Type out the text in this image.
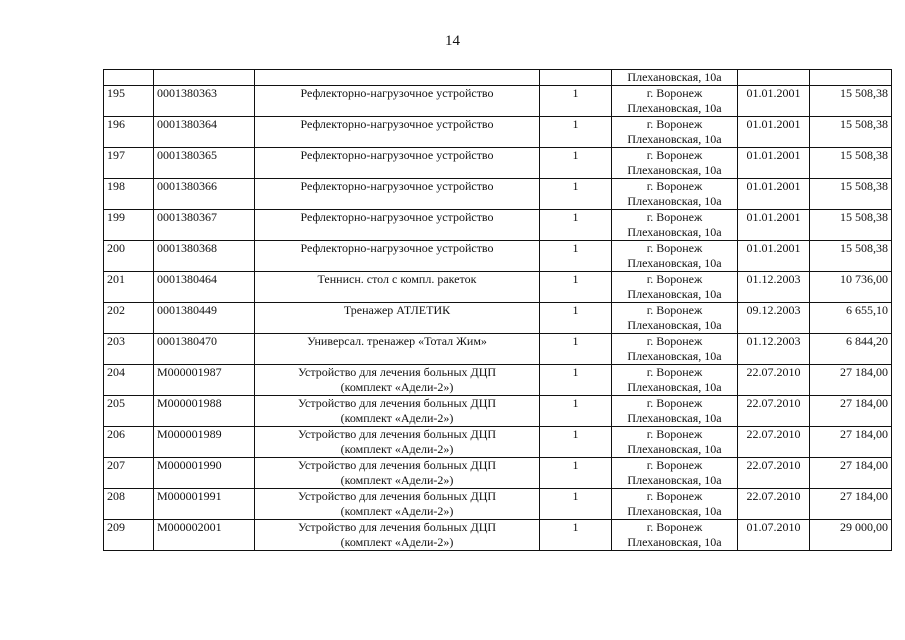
14
				Плехановская, 10а		

195	0001380363	Рефлекторно-нагрузочное устройство	1	г. Воронеж
Плехановская, 10а	01.01.2001	15 508,38

196	0001380364	Рефлекторно-нагрузочное устройство	1	г. Воронеж
Плехановская, 10а	01.01.2001	15 508,38

197	0001380365	Рефлекторно-нагрузочное устройство	1	г. Воронеж
Плехановская, 10а	01.01.2001	15 508,38

198	0001380366	Рефлекторно-нагрузочное устройство	1	г. Воронеж
Плехановская, 10а	01.01.2001	15 508,38

199	0001380367	Рефлекторно-нагрузочное устройство	1	г. Воронеж
Плехановская, 10а	01.01.2001	15 508,38

200	0001380368	Рефлекторно-нагрузочное устройство	1	г. Воронеж
Плехановская, 10а	01.01.2001	15 508,38

201	0001380464	Теннисн. стол с компл. ракеток	1	г. Воронеж
Плехановская, 10а	01.12.2003	10 736,00

202	0001380449	Тренажер АТЛЕТИК	1	г. Воронеж
Плехановская, 10а	09.12.2003	6 655,10

203	0001380470	Универсал. тренажер «Тотал Жим»	1	г. Воронеж
Плехановская, 10а	01.12.2003	6 844,20

204	М000001987	Устройство для лечения больных ДЦП
(комплект «Адели-2»)	1	г. Воронеж
Плехановская, 10а	22.07.2010	27 184,00

205	М000001988	Устройство для лечения больных ДЦП
(комплект «Адели-2»)	1	г. Воронеж
Плехановская, 10а	22.07.2010	27 184,00

206	М000001989	Устройство для лечения больных ДЦП
(комплект «Адели-2»)	1	г. Воронеж
Плехановская, 10а	22.07.2010	27 184,00

207	М000001990	Устройство для лечения больных ДЦП
(комплект «Адели-2»)	1	г. Воронеж
Плехановская, 10а	22.07.2010	27 184,00

208	М000001991	Устройство для лечения больных ДЦП
(комплект «Адели-2»)	1	г. Воронеж
Плехановская, 10а	22.07.2010	27 184,00

209	М000002001	Устройство для лечения больных ДЦП
(комплект «Адели-2»)	1	г. Воронеж
Плехановская, 10а	01.07.2010	29 000,00
